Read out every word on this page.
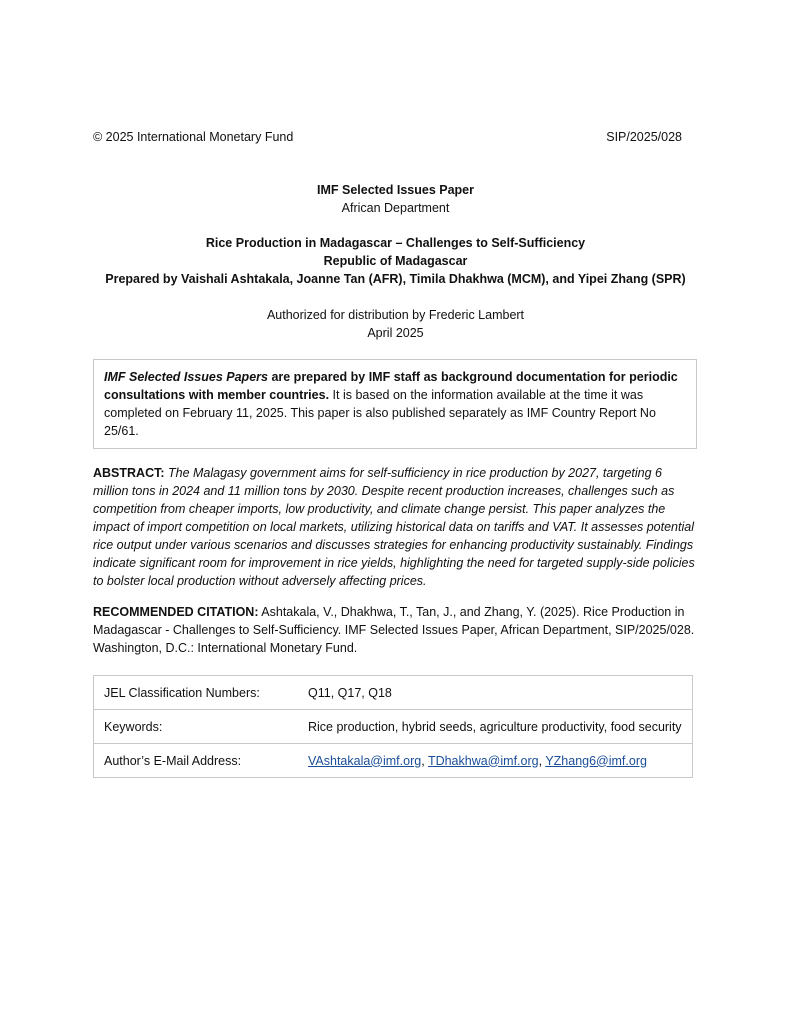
© 2025 International Monetary Fund	SIP/2025/028
IMF Selected Issues Paper
African Department
Rice Production in Madagascar – Challenges to Self-Sufficiency
Republic of Madagascar
Prepared by Vaishali Ashtakala, Joanne Tan (AFR), Timila Dhakhwa (MCM), and Yipei Zhang (SPR)
Authorized for distribution by Frederic Lambert
April 2025
IMF Selected Issues Papers are prepared by IMF staff as background documentation for periodic consultations with member countries. It is based on the information available at the time it was completed on February 11, 2025. This paper is also published separately as IMF Country Report No 25/61.
ABSTRACT: The Malagasy government aims for self-sufficiency in rice production by 2027, targeting 6 million tons in 2024 and 11 million tons by 2030. Despite recent production increases, challenges such as competition from cheaper imports, low productivity, and climate change persist. This paper analyzes the impact of import competition on local markets, utilizing historical data on tariffs and VAT. It assesses potential rice output under various scenarios and discusses strategies for enhancing productivity sustainably. Findings indicate significant room for improvement in rice yields, highlighting the need for targeted supply-side policies to bolster local production without adversely affecting prices.
RECOMMENDED CITATION: Ashtakala, V., Dhakhwa, T., Tan, J., and Zhang, Y. (2025). Rice Production in Madagascar - Challenges to Self-Sufficiency. IMF Selected Issues Paper, African Department, SIP/2025/028. Washington, D.C.: International Monetary Fund.
JEL Classification Numbers:	Q11, Q17, Q18
Keywords:	Rice production, hybrid seeds, agriculture productivity, food security
Author’s E-Mail Address:	VAshtakala@imf.org, TDhakhwa@imf.org, YZhang6@imf.org
